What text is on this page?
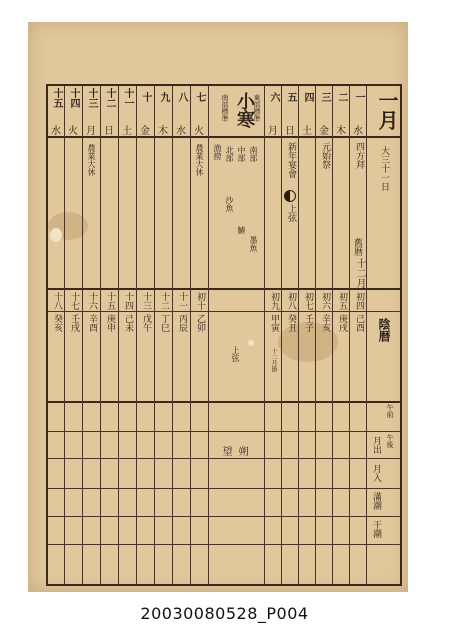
一月
大三十一日
陰暦
舊暦
十二月
一
水
二
木
三
金
四
土
五
日
六
月
四方拜
元始祭
新年宴會
上弦
初四
己酉
初五
庚戌
初六
辛亥
初七
壬子
初八
癸丑
初九
甲寅
十二月節
小寒
東部標準
南部標準
漁撈 北部 中部 南部
沙魚
鰆
墨魚
上弦
七
火
八
水
九
木
十
金
十一
土
十二
日
十三
月
十四
火
十五
水
農業大休	農業大休
初十
乙卯
十一
丙辰
十二
丁巳
十三
戊午
十四
己未
十五
庚申
十六
辛酉
十七
壬戌
十八
癸亥
午前
午後
月出
月入
滿潮
干潮
朔
望
20030080528_P004
